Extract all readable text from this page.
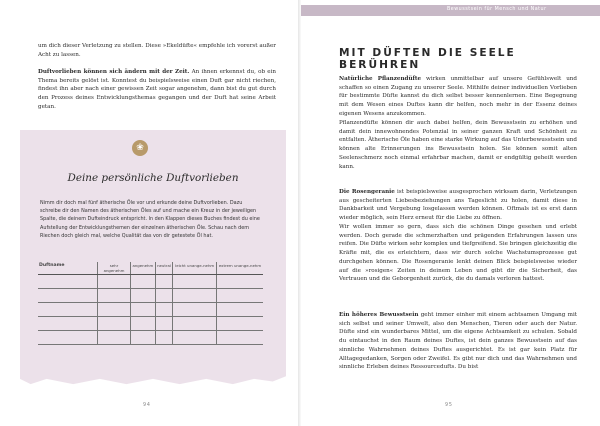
um dich dieser Verletzung zu stellen. Diese »Ekeldüfte« empfehle ich vorerst außer Acht zu lassen.

Duftvorlieben können sich ändern mit der Zeit. An ihnen erkennst du, ob ein Thema bereits gelöst ist. Konntest du beispielsweise einen Duft gar nicht riechen, findest ihn aber nach einer gewissen Zeit sogar angenehm, dann bist du gut durch den Prozess deines Entwicklungsthemas gegangen und der Duft hat seine Arbeit getan.

❀

Deine persönliche Duftvorlieben

Nimm dir doch mal fünf ätherische Öle vor und erkunde deine Duftvorlieben. Dazu schreibe dir den Namen des ätherischen Öles auf und mache ein Kreuz in der jeweiligen Spalte, die deinem Dufteindruck entspricht. In den Klappen dieses Buches findest du eine Aufstellung der Entwicklungsthemen der einzelnen ätherischen Öle. Schau nach dem Riechen doch gleich mal, welche Qualität das von dir getestete Öl hat.

Duftname	sehr angenehm	angenehm	neutral	leicht unange-nehm	extrem unange-nehm

94
Bewusstsein für Mensch und Natur
MIT DÜFTEN DIE SEELE BERÜHREN

Natürliche Pflanzendüfte wirken unmittelbar auf unsere Gefühlswelt und schaffen so einen Zugang zu unserer Seele. Mithilfe deiner individuellen Vorlieben für bestimmte Düfte kannst du dich selbst besser kennenlernen. Eine Begegnung mit dem Wesen eines Duftes kann dir helfen, noch mehr in der Essenz deines eigenen Wesens anzukommen.

Pflanzendüfte können dir auch dabei helfen, dein Bewusstsein zu erhöhen und damit dein innewohnendes Potenzial in seiner ganzen Kraft und Schönheit zu entfalten. Ätherische Öle haben eine starke Wirkung auf das Unterbewusstsein und können alte Erinnerungen ins Bewusstsein holen. Sie können somit alten Seelenschmerz noch einmal erfahrbar machen, damit er endgültig geheilt werden kann.

Die Rosengeranie ist beispielsweise ausgesprochen wirksam darin, Verletzungen aus gescheiterten Liebesbeziehungen ans Tageslicht zu holen, damit diese in Dankbarkeit und Vergebung losgelassen werden können. Oftmals ist es erst dann wieder möglich, sein Herz erneut für die Liebe zu öffnen.

Wir wollen immer so gern, dass sich die schönen Dinge gesehen und erlebt werden. Doch gerade die schmerzhaften und prägenden Erfahrungen lassen uns reifen. Die Düfte wirken sehr komplex und tiefgreifend. Sie bringen gleichzeitig die Kräfte mit, die es erleichtern, dass wir durch solche Wachstumsprozesse gut durchgehen können. Die Rosengeranie lenkt deinen Blick beispielsweise wieder auf die »rosigen« Zeiten in deinem Leben und gibt dir die Sicherheit, das Vertrauen und die Geborgenheit zurück, die du damals verloren hattest.

Ein höheres Bewusstsein geht immer einher mit einem achtsamen Umgang mit sich selbst und seiner Umwelt, also den Menschen, Tieren oder auch der Natur. Düfte sind ein wunderbares Mittel, um die eigene Achtsamkeit zu schulen. Sobald du eintauchst in den Raum deines Duftes, ist dein ganzes Bewusstsein auf das sinnliche Wahrnehmen deines Duftes ausgerichtet. Es ist gar kein Platz für Alltagegedanken, Sorgen oder Zweifel. Es gibt nur dich und das Wahrnehmen und sinnliche Erleben deines Ressourcedufts. Du bist

95
